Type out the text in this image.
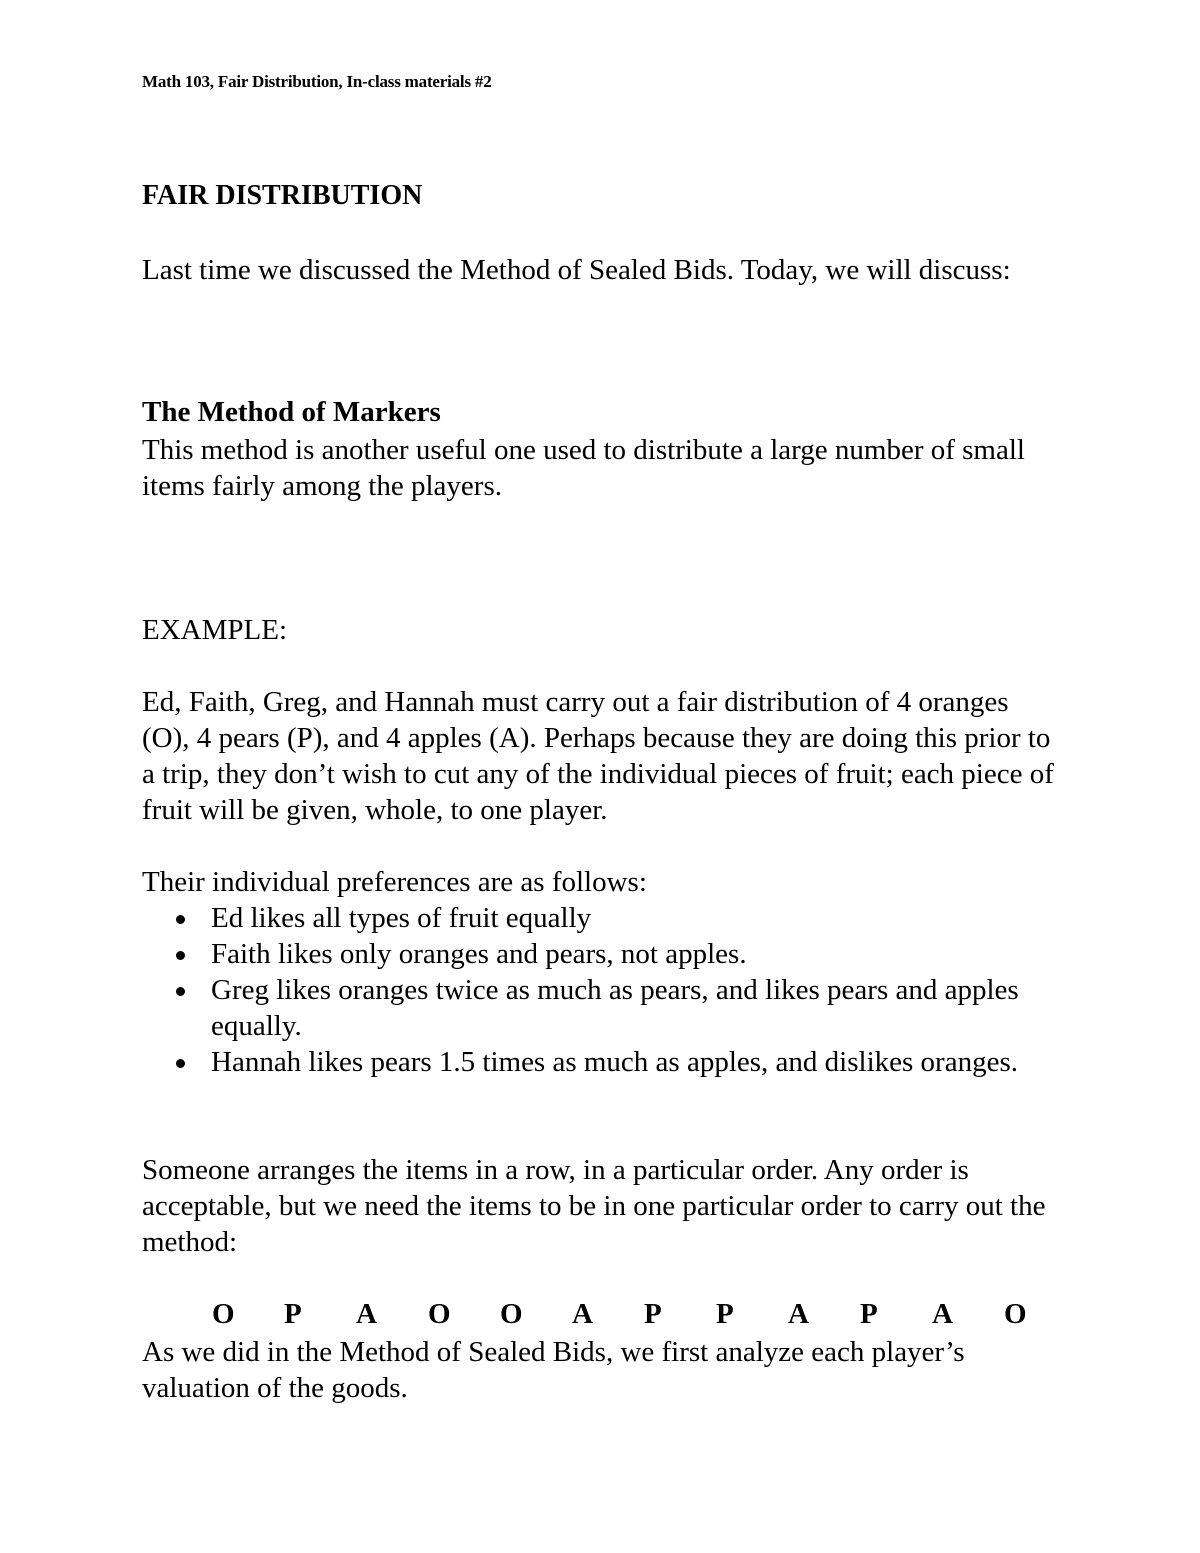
Math 103, Fair Distribution, In-class materials #2
FAIR DISTRIBUTION

Last time we discussed the Method of Sealed Bids. Today, we will discuss:

The Method of Markers

This method is another useful one used to distribute a large number of small items fairly among the players.

EXAMPLE:

Ed, Faith, Greg, and Hannah must carry out a fair distribution of 4 oranges (O), 4 pears (P), and 4 apples (A). Perhaps because they are doing this prior to a trip, they don’t wish to cut any of the individual pieces of fruit; each piece of fruit will be given, whole, to one player.

Their individual preferences are as follows:

Ed likes all types of fruit equally
Faith likes only oranges and pears, not apples.
Greg likes oranges twice as much as pears, and likes pears and apples equally.
Hannah likes pears 1.5 times as much as apples, and dislikes oranges.

Someone arranges the items in a row, in a particular order. Any order is acceptable, but we need the items to be in one particular order to carry out the method:

O	P	A	O	O	A	P	P	A	P	A	O

As we did in the Method of Sealed Bids, we first analyze each player’s valuation of the goods.
